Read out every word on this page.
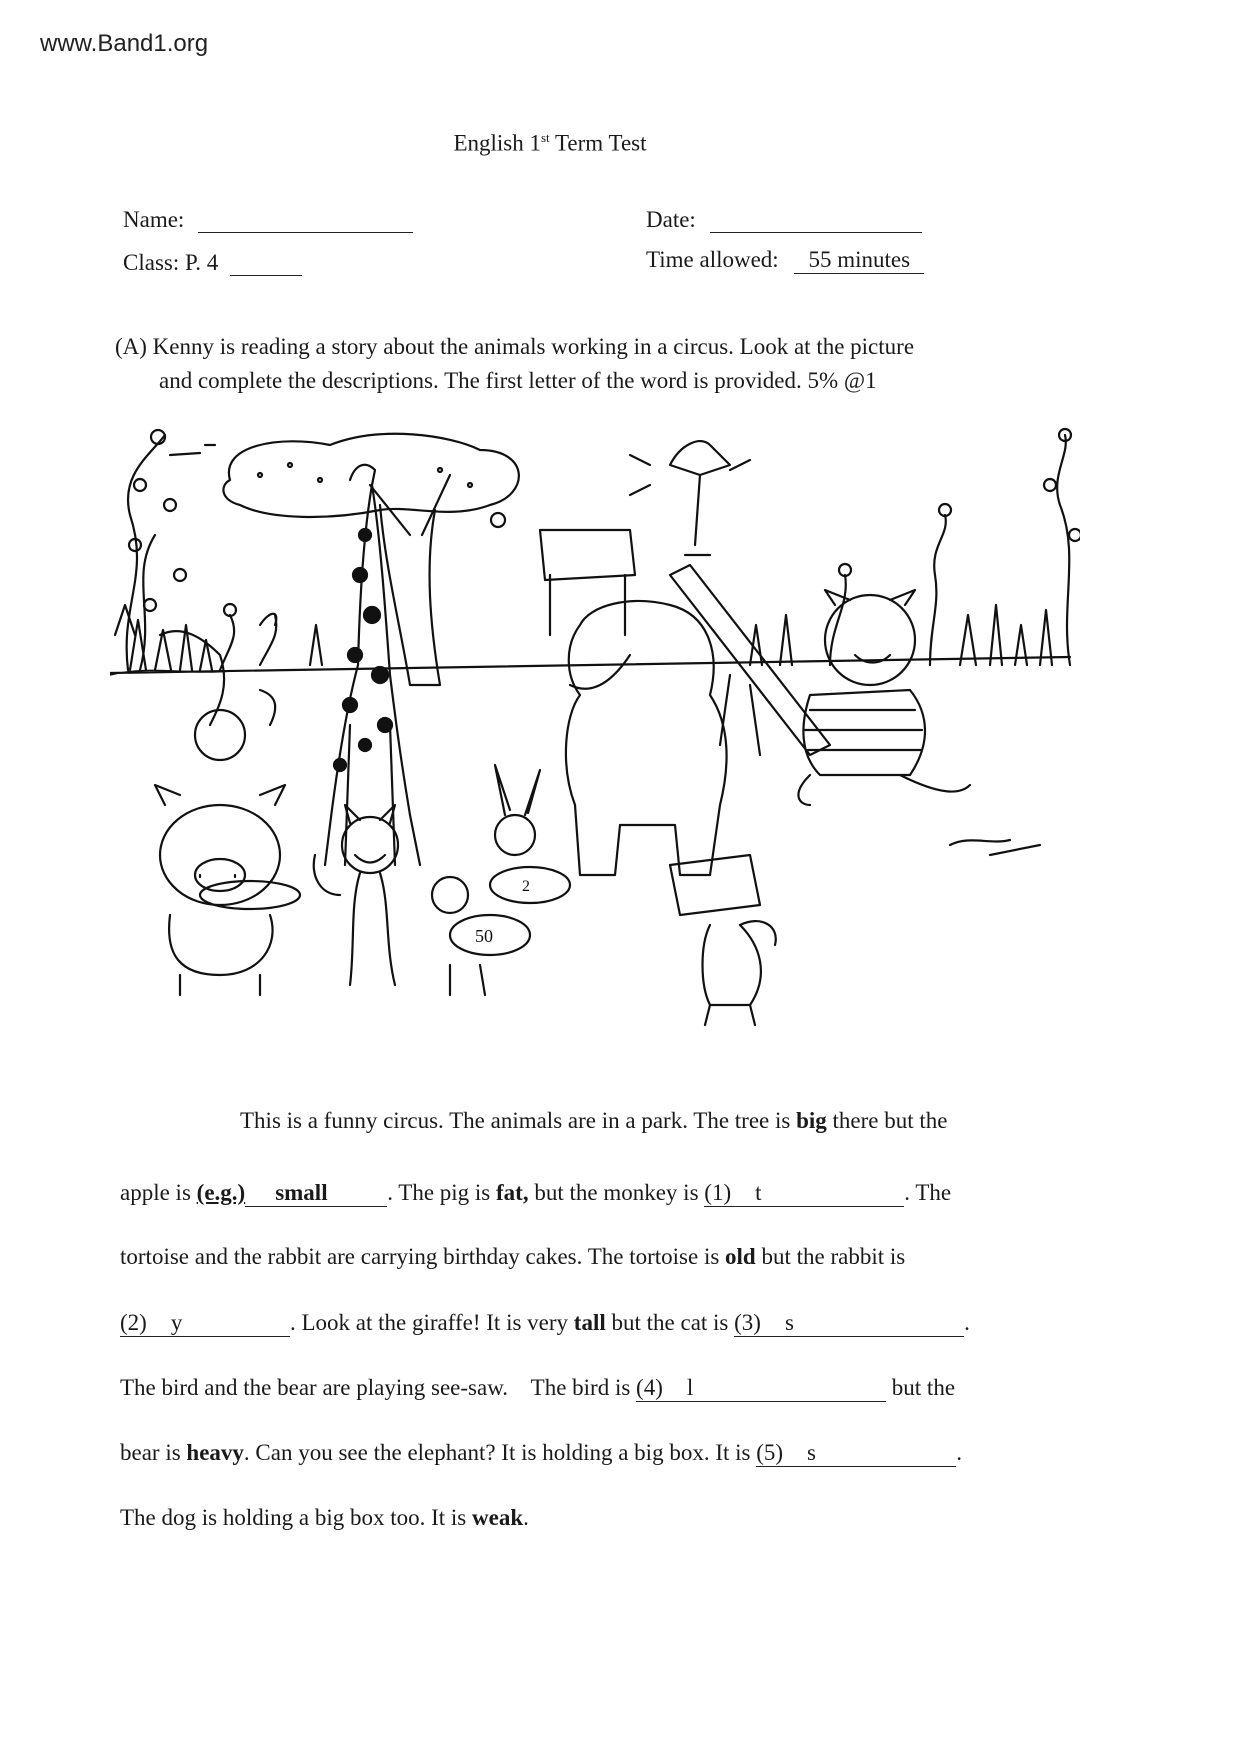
www.Band1.org
English 1st Term Test
Name:	Date:
Class: P. 4	Time allowed: 55 minutes
(A) Kenny is reading a story about the animals working in a circus. Look at the picture
and complete the descriptions. The first letter of the word is provided. 5% @1
50
2
This is a funny circus. The animals are in a park. The tree is big there but the
apple is (e.g.) small	. The pig is fat, but the monkey is (1) t	. The
tortoise and the rabbit are carrying birthday cakes. The tortoise is old but the rabbit is
(2) y	. Look at the giraffe! It is very tall but the cat is (3) s	.
The bird and the bear are playing see-saw.    The bird is (4) l	but the
bear is heavy. Can you see the elephant? It is holding a big box. It is (5) s	.
The dog is holding a big box too. It is weak.
